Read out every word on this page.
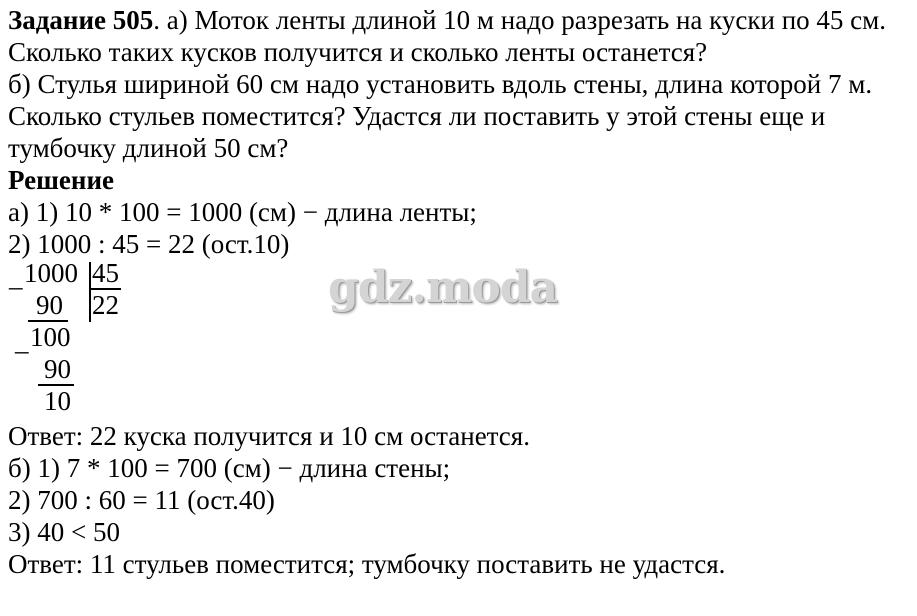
Задание 505. а) Моток ленты длиной 10 м надо разрезать на куски по 45 см.
Сколько таких кусков получится и сколько ленты останется?
б) Стулья шириной 60 см надо установить вдоль стены, длина которой 7 м.
Сколько стульев поместится? Удастся ли поставить у этой стены еще и
тумбочку длиной 50 см?
Решение
а) 1) 10 * 100 = 1000 (см) − длина ленты;
2) 1000 : 45 = 22 (ост.10)
_ 1000 45
90 22
_ 100
90
10
Ответ: 22 куска получится и 10 см останется.
б) 1) 7 * 100 = 700 (см) − длина стены;
2) 700 : 60 = 11 (ост.40)
3) 40 < 50
Ответ: 11 стульев поместится; тумбочку поставить не удастся.
gdz.moda
